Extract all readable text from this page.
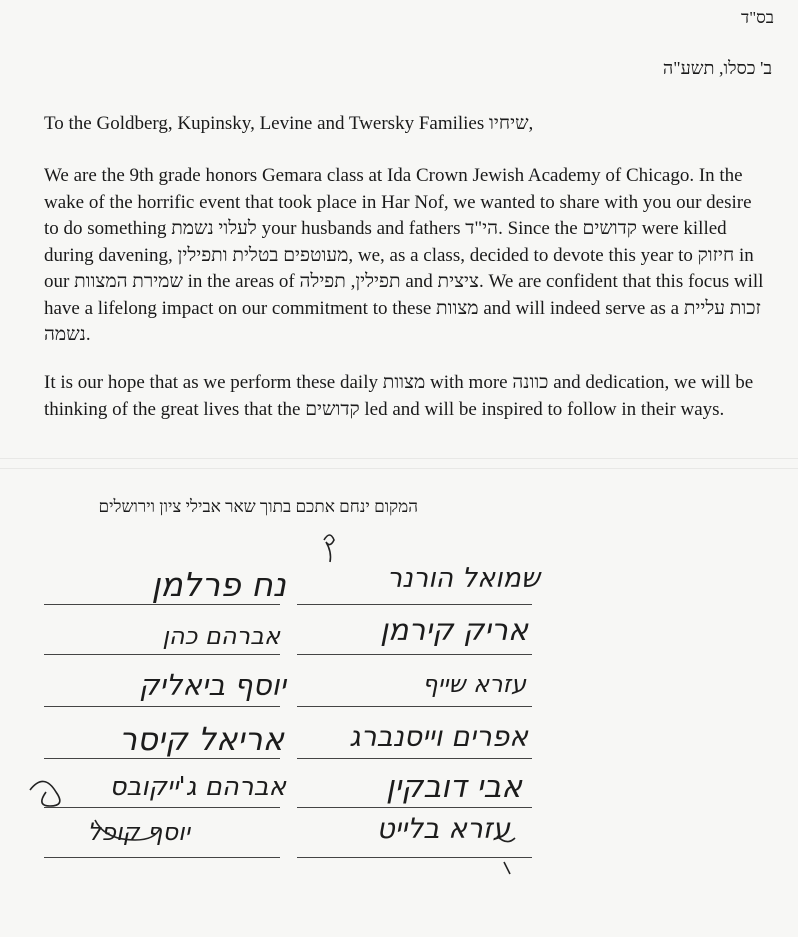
בס"ד
ב' כסלו, תשע"ה
To the Goldberg, Kupinsky, Levine and Twersky Families שיחיו,
We are the 9th grade honors Gemara class at Ida Crown Jewish Academy of Chicago. In the wake of the horrific event that took place in Har Nof, we wanted to share with you our desire to do something לעלוי נשמת your husbands and fathers הי"ד. Since the קדושים were killed during davening, מעוטפים בטלית ותפילין, we, as a class, decided to devote this year to חיזוק in our שמירת המצוות in the areas of תפילין, תפילה and ציצית. We are confident that this focus will have a lifelong impact on our commitment to these מצוות and will indeed serve as a זכות עליית נשמה.
It is our hope that as we perform these daily מצוות with more כוונה and dedication, we will be thinking of the great lives that the קדושים led and will be inspired to follow in their ways.
המקום ינחם אתכם בתוך שאר אבילי ציון וירושלים
שמואל הורנר
אריק קירמן
עזרא שייף
אפרים וייסנברג
אבי דובקין
עזרא בלייט
נח פרלמן
אברהם כהן
יוסף ביאליק
אריאל קיסר
אברהם ג'ייקובס
יוסף קופל
